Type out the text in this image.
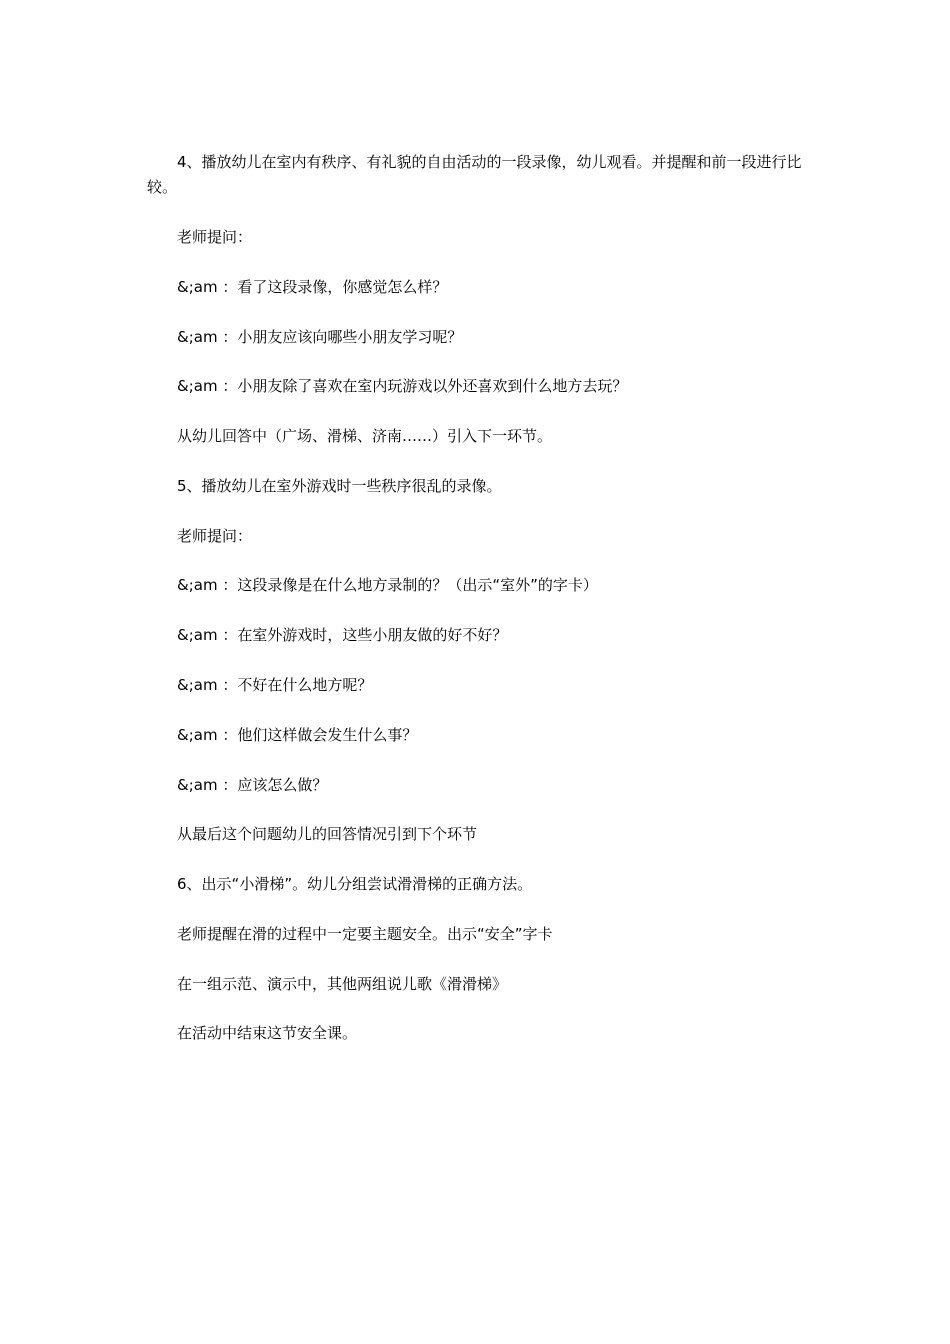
4、播放幼儿在室内有秩序、有礼貌的自由活动的一段录像，幼儿观看。并提醒和前一段进行比较。

老师提问：

&;am ：看了这段录像，你感觉怎么样？

&;am ：小朋友应该向哪些小朋友学习呢？

&;am ：小朋友除了喜欢在室内玩游戏以外还喜欢到什么地方去玩？

从幼儿回答中（广场、滑梯、济南……）引入下一环节。

5、播放幼儿在室外游戏时一些秩序很乱的录像。

老师提问：

&;am ：这段录像是在什么地方录制的？（出示“室外”的字卡）

&;am ：在室外游戏时，这些小朋友做的好不好？

&;am ：不好在什么地方呢？

&;am ：他们这样做会发生什么事？

&;am ：应该怎么做？

从最后这个问题幼儿的回答情况引到下个环节

6、出示“小滑梯”。幼儿分组尝试滑滑梯的正确方法。

老师提醒在滑的过程中一定要主题安全。出示“安全”字卡

在一组示范、演示中，其他两组说儿歌《滑滑梯》

在活动中结束这节安全课。
